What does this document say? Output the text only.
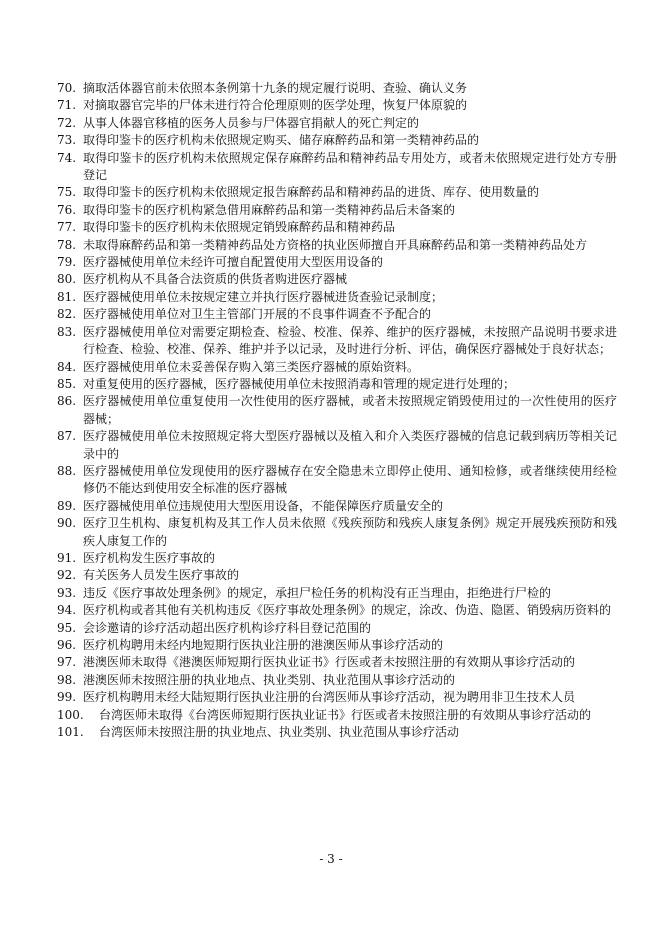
70. 摘取活体器官前未依照本条例第十九条的规定履行说明、查验、确认义务
71. 对摘取器官完毕的尸体未进行符合伦理原则的医学处理，恢复尸体原貌的
72. 从事人体器官移植的医务人员参与尸体器官捐献人的死亡判定的
73. 取得印鉴卡的医疗机构未依照规定购买、储存麻醉药品和第一类精神药品的
74. 取得印鉴卡的医疗机构未依照规定保存麻醉药品和精神药品专用处方，或者未依照规定进行处方专册登记
75. 取得印鉴卡的医疗机构未依照规定报告麻醉药品和精神药品的进货、库存、使用数量的
76. 取得印鉴卡的医疗机构紧急借用麻醉药品和第一类精神药品后未备案的
77. 取得印鉴卡的医疗机构未依照规定销毁麻醉药品和精神药品
78. 未取得麻醉药品和第一类精神药品处方资格的执业医师擅自开具麻醉药品和第一类精神药品处方
79. 医疗器械使用单位未经许可擅自配置使用大型医用设备的
80. 医疗机构从不具备合法资质的供货者购进医疗器械
81. 医疗器械使用单位未按规定建立并执行医疗器械进货查验记录制度；
82. 医疗器械使用单位对卫生主管部门开展的不良事件调查不予配合的
83. 医疗器械使用单位对需要定期检查、检验、校准、保养、维护的医疗器械，未按照产品说明书要求进行检查、检验、校准、保养、维护并予以记录，及时进行分析、评估，确保医疗器械处于良好状态；
84. 医疗器械使用单位未妥善保存购入第三类医疗器械的原始资料。
85. 对重复使用的医疗器械，医疗器械使用单位未按照消毒和管理的规定进行处理的；
86. 医疗器械使用单位重复使用一次性使用的医疗器械，或者未按照规定销毁使用过的一次性使用的医疗器械；
87. 医疗器械使用单位未按照规定将大型医疗器械以及植入和介入类医疗器械的信息记载到病历等相关记录中的
88. 医疗器械使用单位发现使用的医疗器械存在安全隐患未立即停止使用、通知检修，或者继续使用经检修仍不能达到使用安全标准的医疗器械
89. 医疗器械使用单位违规使用大型医用设备，不能保障医疗质量安全的
90. 医疗卫生机构、康复机构及其工作人员未依照《残疾预防和残疾人康复条例》规定开展残疾预防和残疾人康复工作的
91. 医疗机构发生医疗事故的
92. 有关医务人员发生医疗事故的
93. 违反《医疗事故处理条例》的规定，承担尸检任务的机构没有正当理由，拒绝进行尸检的
94. 医疗机构或者其他有关机构违反《医疗事故处理条例》的规定，涂改、伪造、隐匿、销毁病历资料的
95. 会诊邀请的诊疗活动超出医疗机构诊疗科目登记范围的
96. 医疗机构聘用未经内地短期行医执业注册的港澳医师从事诊疗活动的
97. 港澳医师未取得《港澳医师短期行医执业证书》行医或者未按照注册的有效期从事诊疗活动的
98. 港澳医师未按照注册的执业地点、执业类别、执业范围从事诊疗活动的
99. 医疗机构聘用未经大陆短期行医执业注册的台湾医师从事诊疗活动，视为聘用非卫生技术人员
100.	台湾医师未取得《台湾医师短期行医执业证书》行医或者未按照注册的有效期从事诊疗活动的
101.	台湾医师未按照注册的执业地点、执业类别、执业范围从事诊疗活动
- 3 -
